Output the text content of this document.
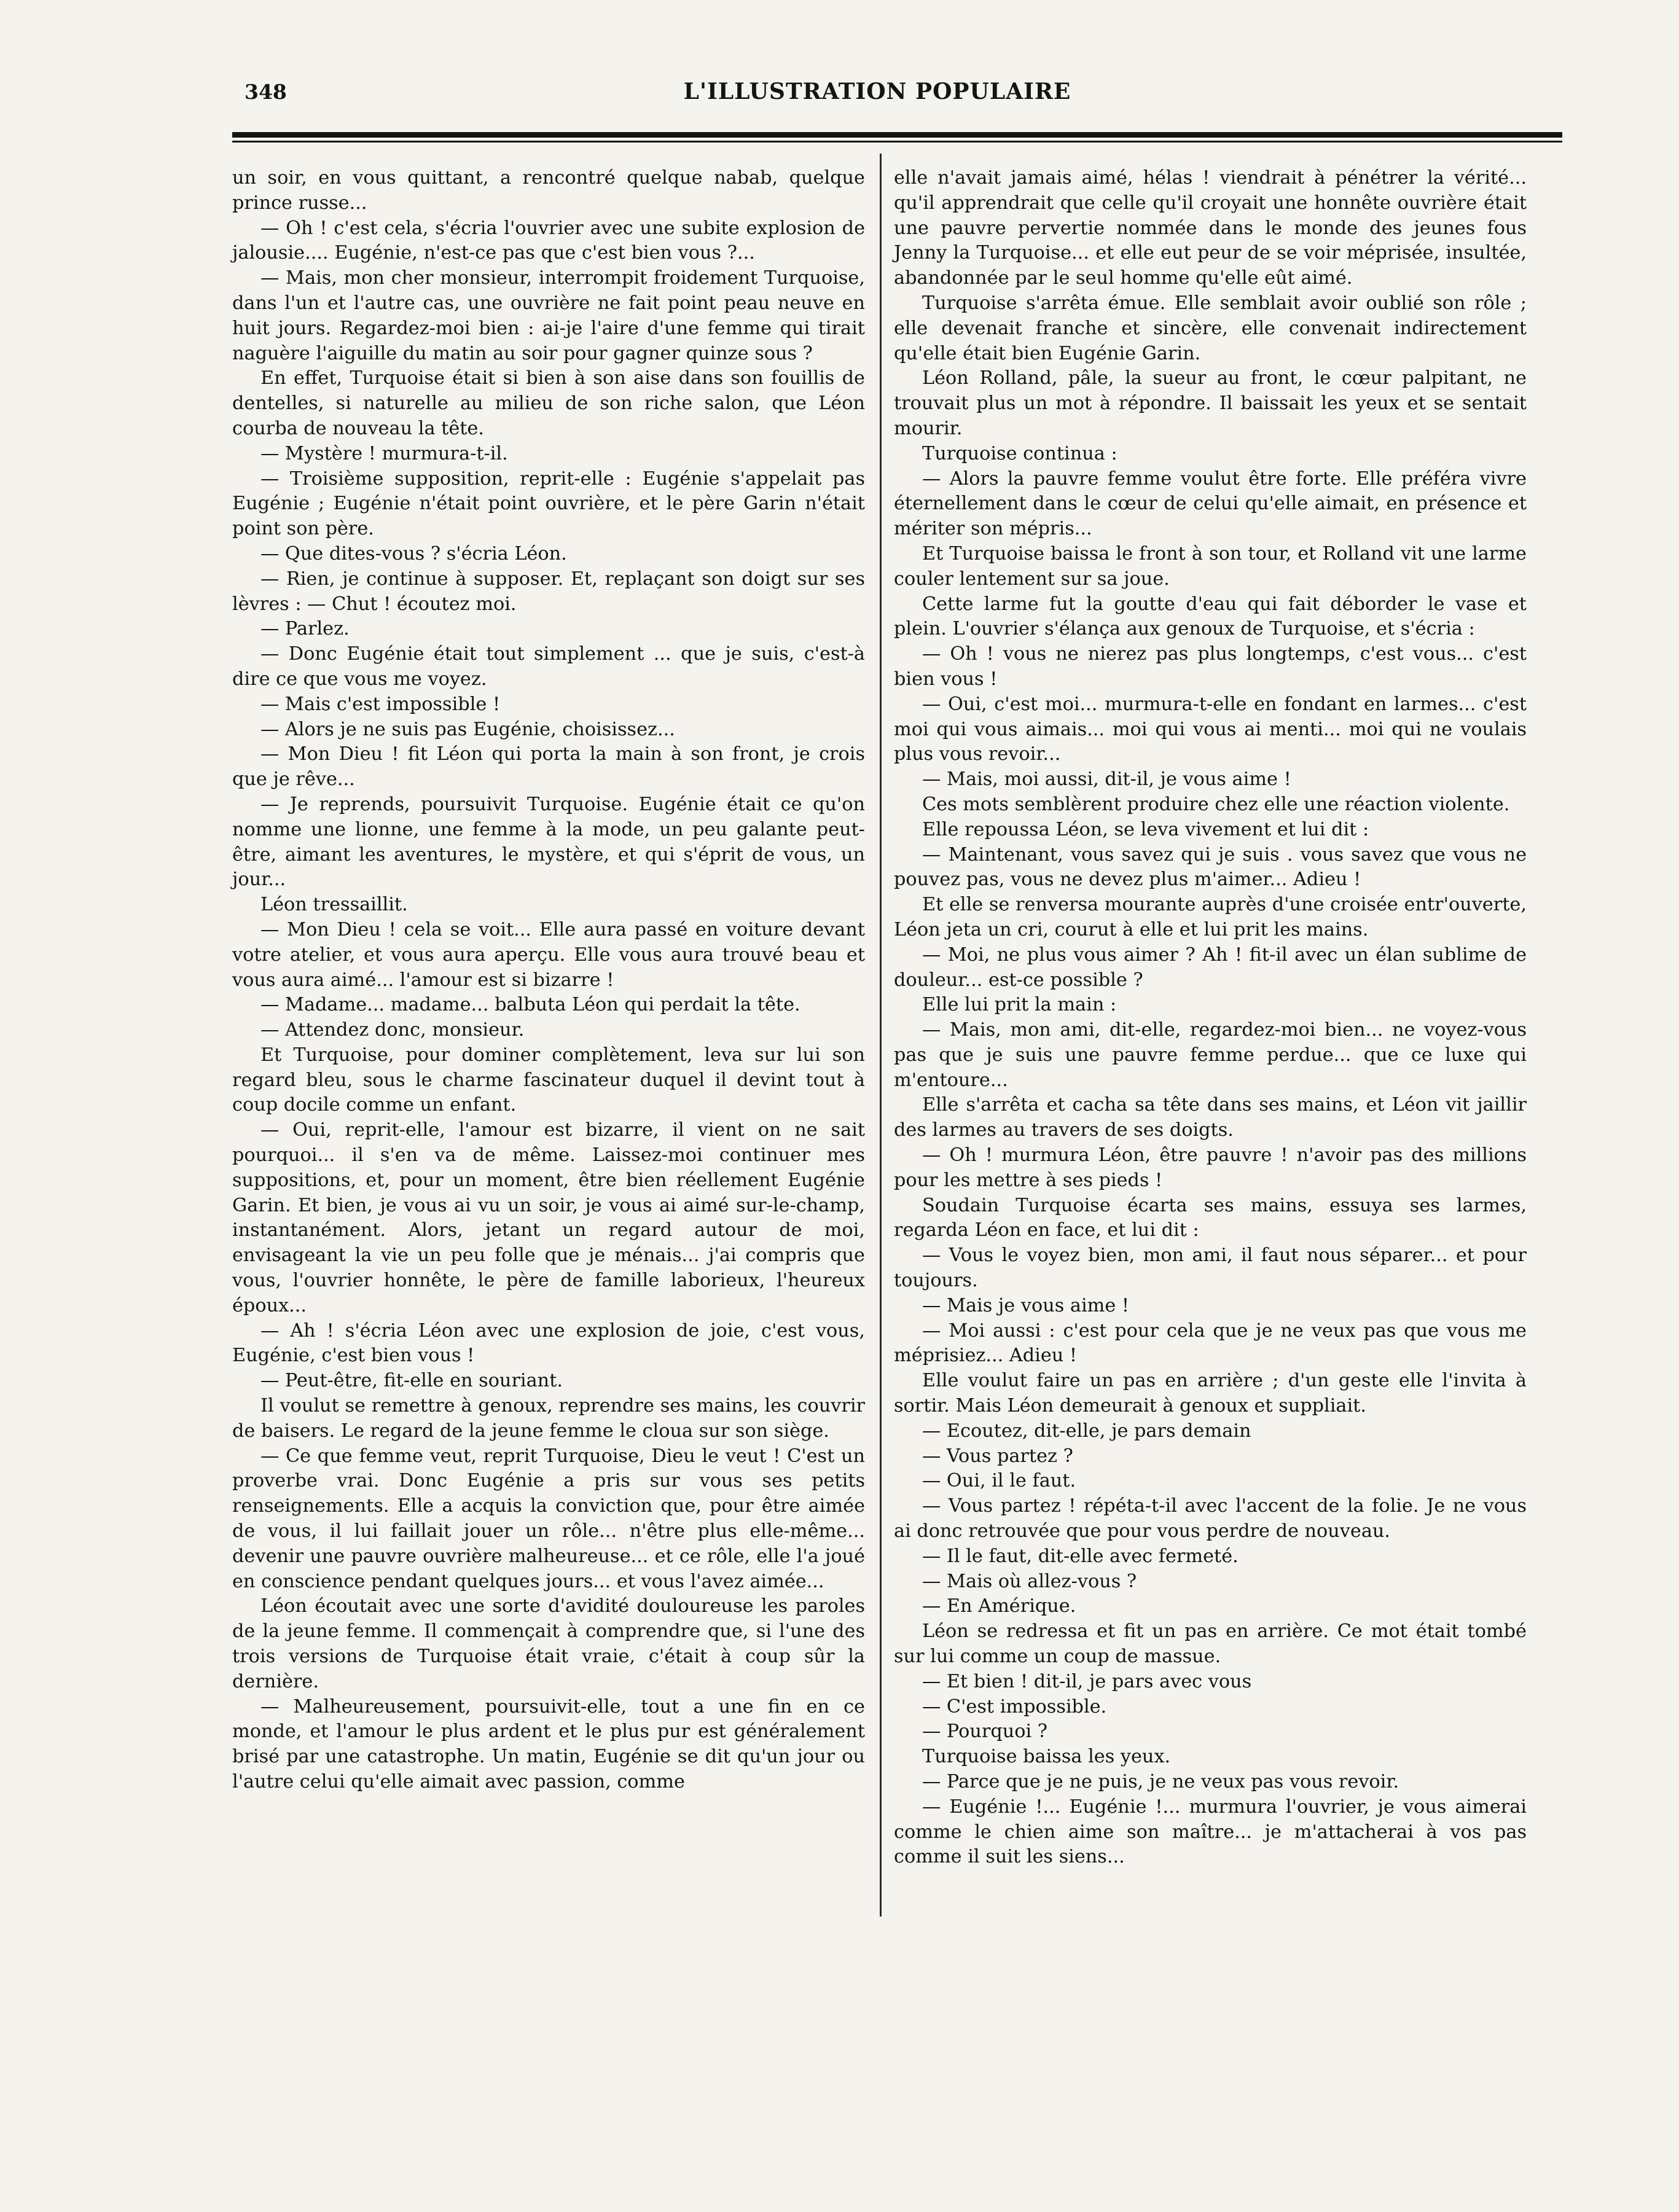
348	L'ILLUSTRATION POPULAIRE

un soir, en vous quittant, a rencontré quelque nabab, quelque prince russe...

— Oh ! c'est cela, s'écria l'ouvrier avec une subite explosion de jalousie.... Eugénie, n'est-ce pas que c'est bien vous ?...

— Mais, mon cher monsieur, interrompit froidement Turquoise, dans l'un et l'autre cas, une ouvrière ne fait point peau neuve en huit jours. Regardez-moi bien : ai-je l'aire d'une femme qui tirait naguère l'aiguille du matin au soir pour gagner quinze sous ?

En effet, Turquoise était si bien à son aise dans son fouillis de dentelles, si naturelle au milieu de son riche salon, que Léon courba de nouveau la tête.

— Mystère ! murmura-t-il.

— Troisième supposition, reprit-elle : Eugénie s'appelait pas Eugénie ; Eugénie n'était point ouvrière, et le père Garin n'était point son père.

— Que dites-vous ? s'écria Léon.

— Rien, je continue à supposer. Et, replaçant son doigt sur ses lèvres : — Chut ! écoutez moi.

— Parlez.

— Donc Eugénie était tout simplement ... que je suis, c'est-à dire ce que vous me voyez.

— Mais c'est impossible !

— Alors je ne suis pas Eugénie, choisissez...

— Mon Dieu ! fit Léon qui porta la main à son front, je crois que je rêve...

— Je reprends, poursuivit Turquoise. Eugénie était ce qu'on nomme une lionne, une femme à la mode, un peu galante peut-être, aimant les aventures, le mystère, et qui s'éprit de vous, un jour...

Léon tressaillit.

— Mon Dieu ! cela se voit... Elle aura passé en voiture devant votre atelier, et vous aura aperçu. Elle vous aura trouvé beau et vous aura aimé... l'amour est si bizarre !

— Madame... madame... balbuta Léon qui perdait la tête.

— Attendez donc, monsieur.

Et Turquoise, pour dominer complètement, leva sur lui son regard bleu, sous le charme fascinateur duquel il devint tout à coup docile comme un enfant.

— Oui, reprit-elle, l'amour est bizarre, il vient on ne sait pourquoi... il s'en va de même. Laissez-moi continuer mes suppositions, et, pour un moment, être bien réellement Eugénie Garin. Et bien, je vous ai vu un soir, je vous ai aimé sur-le-champ, instantanément. Alors, jetant un regard autour de moi, envisageant la vie un peu folle que je ménais... j'ai compris que vous, l'ouvrier honnête, le père de famille laborieux, l'heureux époux...

— Ah ! s'écria Léon avec une explosion de joie, c'est vous, Eugénie, c'est bien vous !

— Peut-être, fit-elle en souriant.

Il voulut se remettre à genoux, reprendre ses mains, les couvrir de baisers. Le regard de la jeune femme le cloua sur son siège.

— Ce que femme veut, reprit Turquoise, Dieu le veut ! C'est un proverbe vrai. Donc Eugénie a pris sur vous ses petits renseignements. Elle a acquis la conviction que, pour être aimée de vous, il lui faillait jouer un rôle... n'être plus elle-même... devenir une pauvre ouvrière malheureuse... et ce rôle, elle l'a joué en conscience pendant quelques jours... et vous l'avez aimée...

Léon écoutait avec une sorte d'avidité douloureuse les paroles de la jeune femme. Il commençait à comprendre que, si l'une des trois versions de Turquoise était vraie, c'était à coup sûr la dernière.

— Malheureusement, poursuivit-elle, tout a une fin en ce monde, et l'amour le plus ardent et le plus pur est généralement brisé par une catastrophe. Un matin, Eugénie se dit qu'un jour ou l'autre celui qu'elle aimait avec passion, comme

elle n'avait jamais aimé, hélas ! viendrait à pénétrer la vérité... qu'il apprendrait que celle qu'il croyait une honnête ouvrière était une pauvre pervertie nommée dans le monde des jeunes fous Jenny la Turquoise... et elle eut peur de se voir méprisée, insultée, abandonnée par le seul homme qu'elle eût aimé.

Turquoise s'arrêta émue. Elle semblait avoir oublié son rôle ; elle devenait franche et sincère, elle convenait indirectement qu'elle était bien Eugénie Garin.

Léon Rolland, pâle, la sueur au front, le cœur palpitant, ne trouvait plus un mot à répondre. Il baissait les yeux et se sentait mourir.

Turquoise continua :

— Alors la pauvre femme voulut être forte. Elle préféra vivre éternellement dans le cœur de celui qu'elle aimait, en présence et mériter son mépris...

Et Turquoise baissa le front à son tour, et Rolland vit une larme couler lentement sur sa joue.

Cette larme fut la goutte d'eau qui fait déborder le vase et plein. L'ouvrier s'élança aux genoux de Turquoise, et s'écria :

— Oh ! vous ne nierez pas plus longtemps, c'est vous... c'est bien vous !

— Oui, c'est moi... murmura-t-elle en fondant en larmes... c'est moi qui vous aimais... moi qui vous ai menti... moi qui ne voulais plus vous revoir...

— Mais, moi aussi, dit-il, je vous aime !

Ces mots semblèrent produire chez elle une réaction violente.

Elle repoussa Léon, se leva vivement et lui dit :

— Maintenant, vous savez qui je suis . vous savez que vous ne pouvez pas, vous ne devez plus m'aimer... Adieu !

Et elle se renversa mourante auprès d'une croisée entr'ouverte, Léon jeta un cri, courut à elle et lui prit les mains.

— Moi, ne plus vous aimer ? Ah ! fit-il avec un élan sublime de douleur... est-ce possible ?

Elle lui prit la main :

— Mais, mon ami, dit-elle, regardez-moi bien... ne voyez-vous pas que je suis une pauvre femme perdue... que ce luxe qui m'entoure...

Elle s'arrêta et cacha sa tête dans ses mains, et Léon vit jaillir des larmes au travers de ses doigts.

— Oh ! murmura Léon, être pauvre ! n'avoir pas des millions pour les mettre à ses pieds !

Soudain Turquoise écarta ses mains, essuya ses larmes, regarda Léon en face, et lui dit :

— Vous le voyez bien, mon ami, il faut nous séparer... et pour toujours.

— Mais je vous aime !

— Moi aussi : c'est pour cela que je ne veux pas que vous me méprisiez... Adieu !

Elle voulut faire un pas en arrière ; d'un geste elle l'invita à sortir. Mais Léon demeurait à genoux et suppliait.

— Ecoutez, dit-elle, je pars demain

— Vous partez ?

— Oui, il le faut.

— Vous partez ! répéta-t-il avec l'accent de la folie. Je ne vous ai donc retrouvée que pour vous perdre de nouveau.

— Il le faut, dit-elle avec fermeté.

— Mais où allez-vous ?

— En Amérique.

Léon se redressa et fit un pas en arrière. Ce mot était tombé sur lui comme un coup de massue.

— Et bien ! dit-il, je pars avec vous

— C'est impossible.

— Pourquoi ?

Turquoise baissa les yeux.

— Parce que je ne puis, je ne veux pas vous revoir.

— Eugénie !... Eugénie !... murmura l'ouvrier, je vous aimerai comme le chien aime son maître... je m'attacherai à vos pas comme il suit les siens...
